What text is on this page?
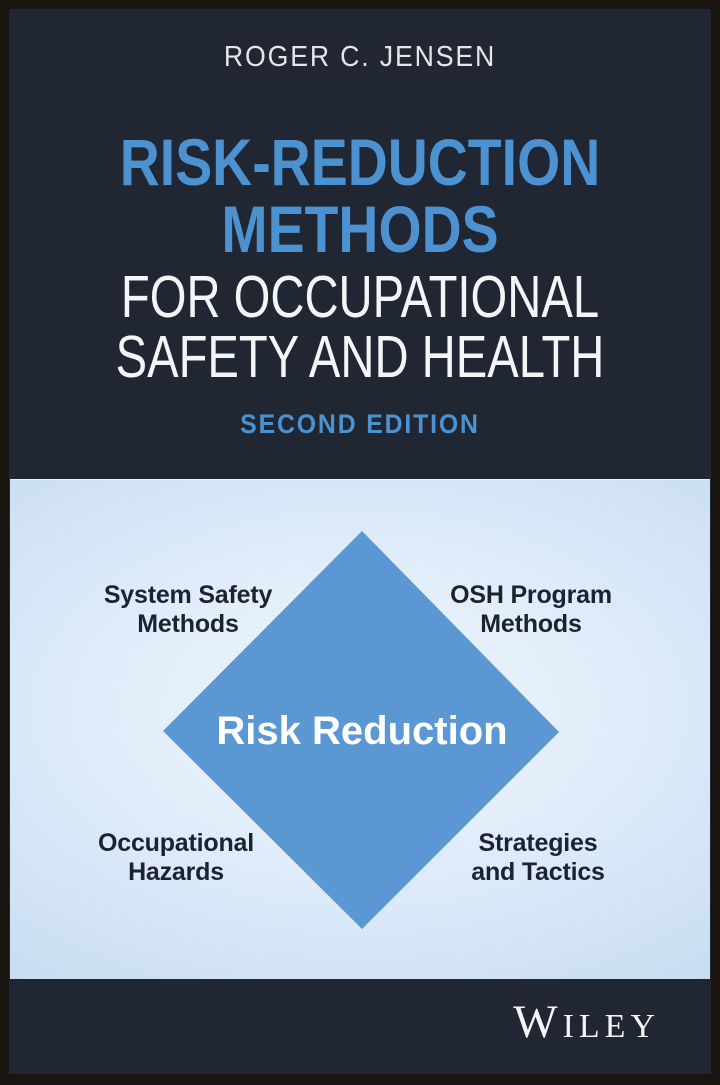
ROGER C. JENSEN
RISK-REDUCTION
METHODS
FOR OCCUPATIONAL
SAFETY AND HEALTH
SECOND EDITION
Risk Reduction
System Safety
Methods
OSH Program
Methods
Occupational
Hazards
Strategies
and Tactics
W ILEY
